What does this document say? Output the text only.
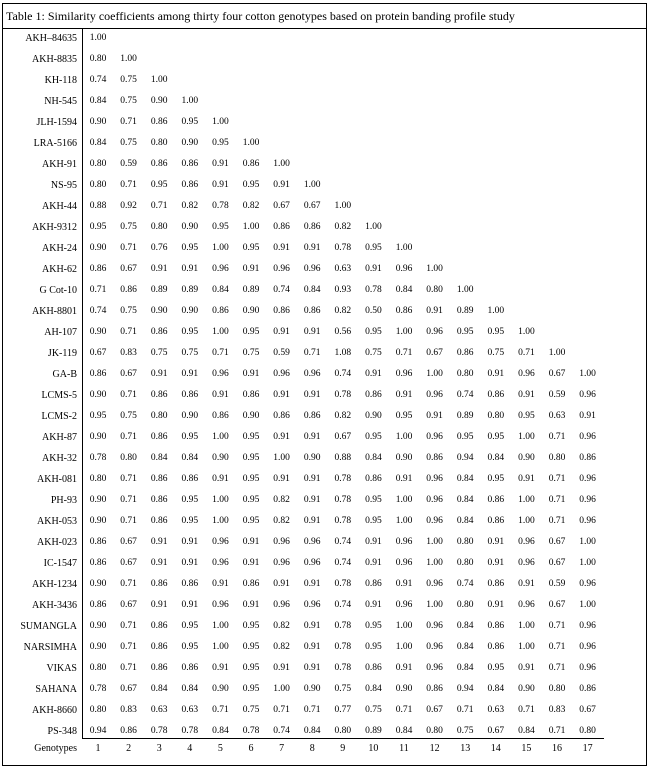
Table 1: Similarity coefficients among thirty four cotton genotypes based on protein banding profile study
AKH–84635	1.00
AKH-8835	0.80	1.00
KH-118	0.74	0.75	1.00
NH-545	0.84	0.75	0.90	1.00
JLH-1594	0.90	0.71	0.86	0.95	1.00
LRA-5166	0.84	0.75	0.80	0.90	0.95	1.00
AKH-91	0.80	0.59	0.86	0.86	0.91	0.86	1.00
NS-95	0.80	0.71	0.95	0.86	0.91	0.95	0.91	1.00
AKH-44	0.88	0.92	0.71	0.82	0.78	0.82	0.67	0.67	1.00
AKH-9312	0.95	0.75	0.80	0.90	0.95	1.00	0.86	0.86	0.82	1.00
AKH-24	0.90	0.71	0.76	0.95	1.00	0.95	0.91	0.91	0.78	0.95	1.00
AKH-62	0.86	0.67	0.91	0.91	0.96	0.91	0.96	0.96	0.63	0.91	0.96	1.00
G Cot-10	0.71	0.86	0.89	0.89	0.84	0.89	0.74	0.84	0.93	0.78	0.84	0.80	1.00
AKH-8801	0.74	0.75	0.90	0.90	0.86	0.90	0.86	0.86	0.82	0.50	0.86	0.91	0.89	1.00
AH-107	0.90	0.71	0.86	0.95	1.00	0.95	0.91	0.91	0.56	0.95	1.00	0.96	0.95	0.95	1.00
JK-119	0.67	0.83	0.75	0.75	0.71	0.75	0.59	0.71	1.08	0.75	0.71	0.67	0.86	0.75	0.71	1.00
GA-B	0.86	0.67	0.91	0.91	0.96	0.91	0.96	0.96	0.74	0.91	0.96	1.00	0.80	0.91	0.96	0.67	1.00
LCMS-5	0.90	0.71	0.86	0.86	0.91	0.86	0.91	0.91	0.78	0.86	0.91	0.96	0.74	0.86	0.91	0.59	0.96
LCMS-2	0.95	0.75	0.80	0.90	0.86	0.90	0.86	0.86	0.82	0.90	0.95	0.91	0.89	0.80	0.95	0.63	0.91
AKH-87	0.90	0.71	0.86	0.95	1.00	0.95	0.91	0.91	0.67	0.95	1.00	0.96	0.95	0.95	1.00	0.71	0.96
AKH-32	0.78	0.80	0.84	0.84	0.90	0.95	1.00	0.90	0.88	0.84	0.90	0.86	0.94	0.84	0.90	0.80	0.86
AKH-081	0.80	0.71	0.86	0.86	0.91	0.95	0.91	0.91	0.78	0.86	0.91	0.96	0.84	0.95	0.91	0.71	0.96
PH-93	0.90	0.71	0.86	0.95	1.00	0.95	0.82	0.91	0.78	0.95	1.00	0.96	0.84	0.86	1.00	0.71	0.96
AKH-053	0.90	0.71	0.86	0.95	1.00	0.95	0.82	0.91	0.78	0.95	1.00	0.96	0.84	0.86	1.00	0.71	0.96
AKH-023	0.86	0.67	0.91	0.91	0.96	0.91	0.96	0.96	0.74	0.91	0.96	1.00	0.80	0.91	0.96	0.67	1.00
IC-1547	0.86	0.67	0.91	0.91	0.96	0.91	0.96	0.96	0.74	0.91	0.96	1.00	0.80	0.91	0.96	0.67	1.00
AKH-1234	0.90	0.71	0.86	0.86	0.91	0.86	0.91	0.91	0.78	0.86	0.91	0.96	0.74	0.86	0.91	0.59	0.96
AKH-3436	0.86	0.67	0.91	0.91	0.96	0.91	0.96	0.96	0.74	0.91	0.96	1.00	0.80	0.91	0.96	0.67	1.00
SUMANGLA	0.90	0.71	0.86	0.95	1.00	0.95	0.82	0.91	0.78	0.95	1.00	0.96	0.84	0.86	1.00	0.71	0.96
NARSIMHA	0.90	0.71	0.86	0.95	1.00	0.95	0.82	0.91	0.78	0.95	1.00	0.96	0.84	0.86	1.00	0.71	0.96
VIKAS	0.80	0.71	0.86	0.86	0.91	0.95	0.91	0.91	0.78	0.86	0.91	0.96	0.84	0.95	0.91	0.71	0.96
SAHANA	0.78	0.67	0.84	0.84	0.90	0.95	1.00	0.90	0.75	0.84	0.90	0.86	0.94	0.84	0.90	0.80	0.86
AKH-8660	0.80	0.83	0.63	0.63	0.71	0.75	0.71	0.71	0.77	0.75	0.71	0.67	0.71	0.63	0.71	0.83	0.67
PS-348	0.94	0.86	0.78	0.78	0.84	0.78	0.74	0.84	0.80	0.89	0.84	0.80	0.75	0.67	0.84	0.71	0.80
Genotypes	1	2	3	4	5	6	7	8	9	10	11	12	13	14	15	16	17
